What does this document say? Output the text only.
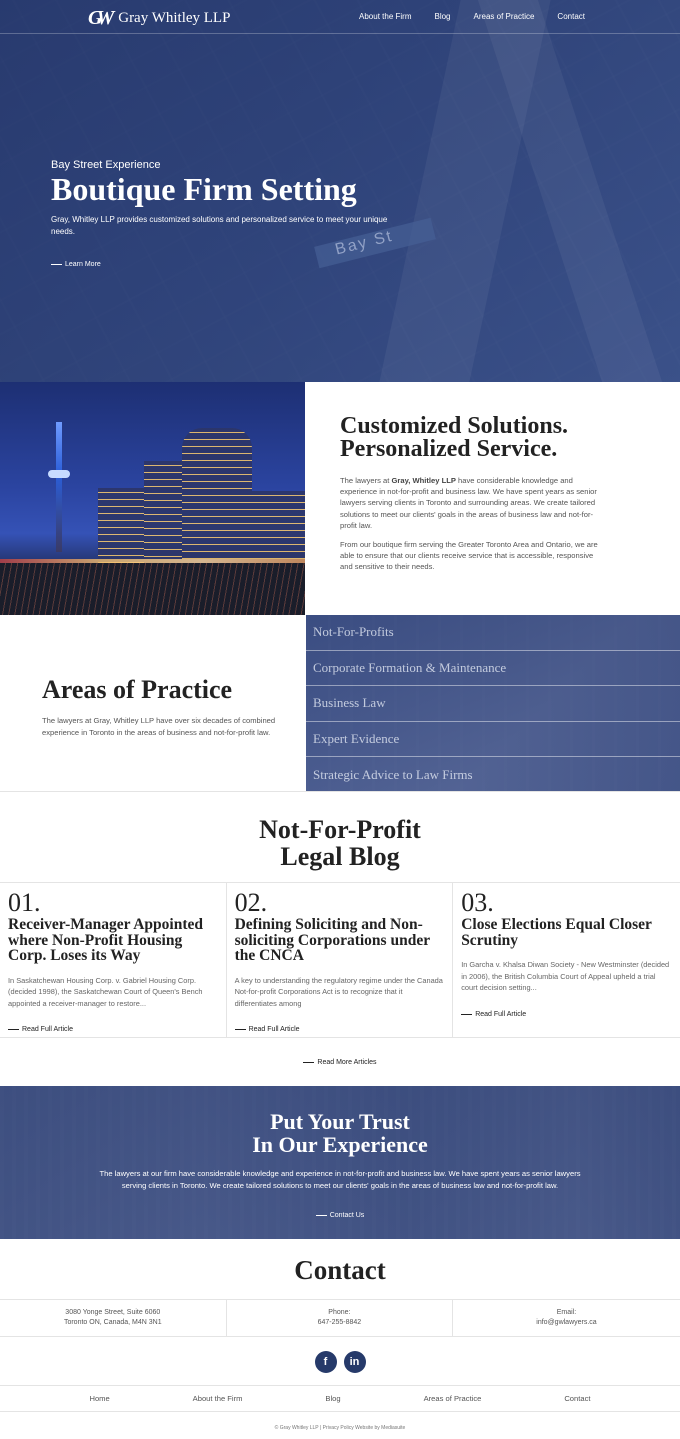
Bay St
GW Gray Whitley LLP	About the Firm	Blog	Areas of Practice	Contact
Bay Street Experience
Boutique Firm Setting

Gray, Whitley LLP provides customized solutions and personalized service to meet your unique needs.

Learn More
Customized Solutions.
Personalized Service.

The lawyers at Gray, Whitley LLP have considerable knowledge and experience in not-for-profit and business law. We have spent years as senior lawyers serving clients in Toronto and surrounding areas. We create tailored solutions to meet our clients' goals in the areas of business law and not-for-profit law.

From our boutique firm serving the Greater Toronto Area and Ontario, we are able to ensure that our clients receive service that is accessible, responsive and sensitive to their needs.

Areas of Practice

The lawyers at Gray, Whitley LLP have over six decades of combined experience in Toronto in the areas of business and not-for-profit law.

Not-For-Profits
Corporate Formation & Maintenance
Business Law
Expert Evidence
Strategic Advice to Law Firms
Not-For-Profit
Legal Blog
01.
Receiver-Manager Appointed where Non-Profit Housing Corp. Loses its Way

In Saskatchewan Housing Corp. v. Gabriel Housing Corp. (decided 1998), the Saskatchewan Court of Queen's Bench appointed a receiver-manager to restore...

Read Full Article
02.
Defining Soliciting and Non-soliciting Corporations under the CNCA

A key to understanding the regulatory regime under the Canada Not-for-profit Corporations Act is to recognize that it differentiates among

Read Full Article
03.
Close Elections Equal Closer Scrutiny

In Garcha v. Khalsa Diwan Society - New Westminster (decided in 2006), the British Columbia Court of Appeal upheld a trial court decision setting...

Read Full Article
Read More Articles
Put Your Trust
In Our Experience

The lawyers at our firm have considerable knowledge and experience in not-for-profit and business law. We have spent years as senior lawyers serving clients in Toronto. We create tailored solutions to meet our clients' goals in the areas of business law and not-for-profit law.

Contact Us
Contact
3080 Yonge Street, Suite 6060
Toronto ON, Canada, M4N 3N1
Phone:
647-255-8842
Email:
info@gwlawyers.ca
f	in
Home	About the Firm	Blog	Areas of Practice	Contact
© Gray Whitley LLP | Privacy Policy Website by Mediasuite
